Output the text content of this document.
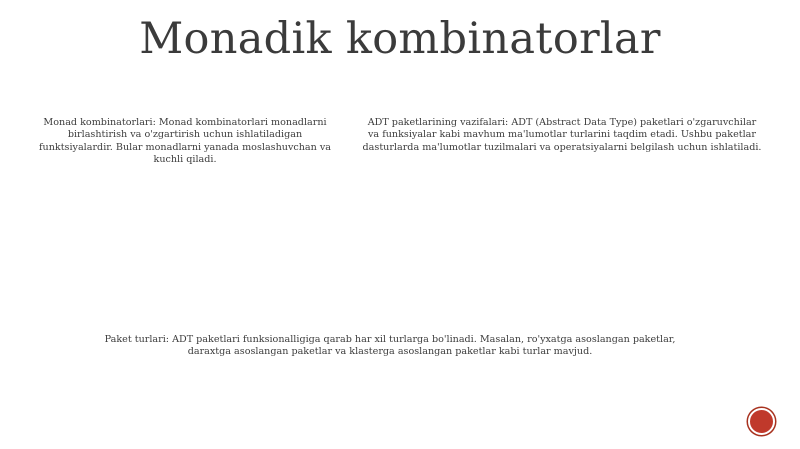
Monadik kombinatorlar
Monad kombinatorlari: Monad kombinatorlari monadlarni birlashtirish va o'zgartirish uchun ishlatiladigan funktsiyalardir. Bular monadlarni yanada moslashuvchan va kuchli qiladi.
ADT paketlarining vazifalari: ADT (Abstract Data Type) paketlari o'zgaruvchilar va funksiyalar kabi mavhum ma'lumotlar turlarini taqdim etadi. Ushbu paketlar dasturlarda ma'lumotlar tuzilmalari va operatsiyalarni belgilash uchun ishlatiladi.
Paket turlari: ADT paketlari funksionalligiga qarab har xil turlarga bo'linadi. Masalan, ro'yxatga asoslangan paketlar, daraxtga asoslangan paketlar va klasterga asoslangan paketlar kabi turlar mavjud.
